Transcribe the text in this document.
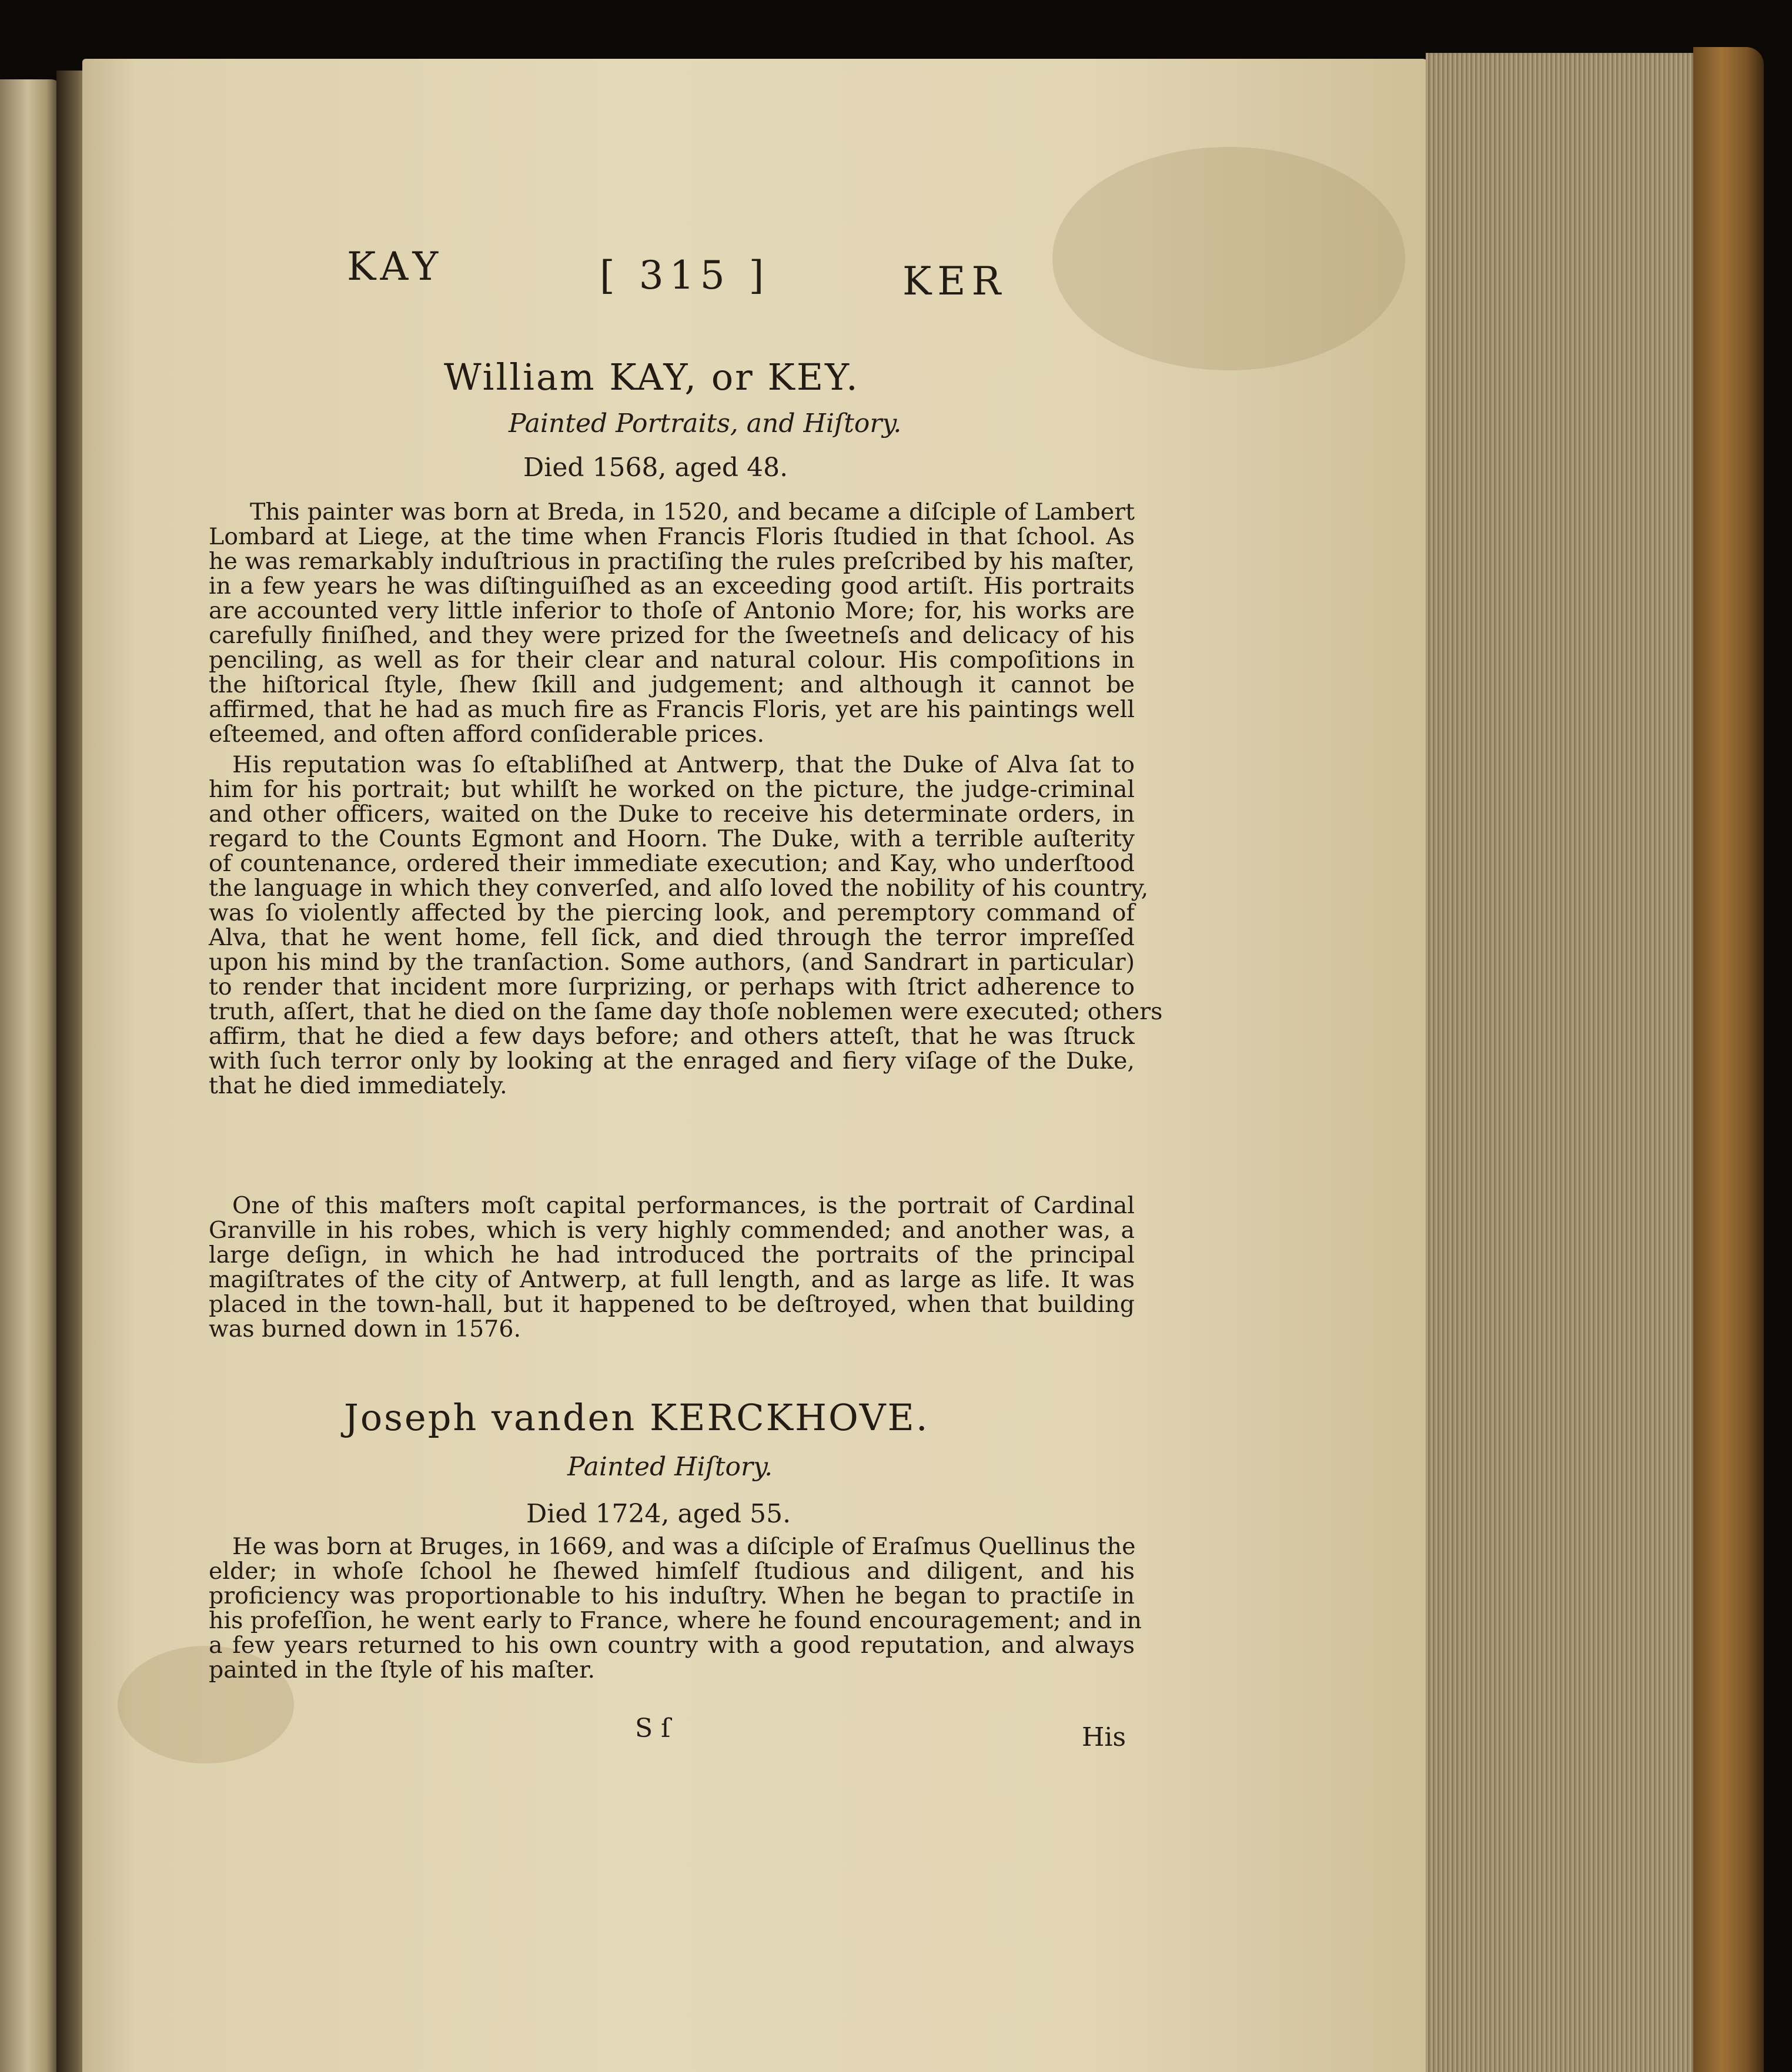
KAY	[ 315 ]	KER
William KAY, or KEY.
Painted Portraits, and Hiſtory.
Died 1568, aged 48.
This painter was born at Breda, in 1520, and became a diſciple of Lambert
Lombard at Liege, at the time when Francis Floris ſtudied in that ſchool. As
he was remarkably induſtrious in practiſing the rules preſcribed by his maſter,
in a few years he was diſtinguiſhed as an exceeding good artiſt. His portraits
are accounted very little inferior to thoſe of Antonio More; for, his works are
carefully finiſhed, and they were prized for the ſweetneſs and delicacy of his
penciling, as well as for their clear and natural colour. His compoſitions in
the hiſtorical ſtyle, ſhew ſkill and judgement; and although it cannot be
affirmed, that he had as much fire as Francis Floris, yet are his paintings well
eſteemed, and often afford conſiderable prices.
His reputation was ſo eſtabliſhed at Antwerp, that the Duke of Alva ſat to
him for his portrait; but whilſt he worked on the picture, the judge-criminal
and other officers, waited on the Duke to receive his determinate orders, in
regard to the Counts Egmont and Hoorn. The Duke, with a terrible auſterity
of countenance, ordered their immediate execution; and Kay, who underſtood
the language in which they converſed, and alſo loved the nobility of his country,
was ſo violently affected by the piercing look, and peremptory command of
Alva, that he went home, fell ſick, and died through the terror impreſſed
upon his mind by the tranſaction. Some authors, (and Sandrart in particular)
to render that incident more ſurprizing, or perhaps with ſtrict adherence to
truth, aſſert, that he died on the ſame day thoſe noblemen were executed; others
affirm, that he died a few days before; and others atteſt, that he was ſtruck
with ſuch terror only by looking at the enraged and fiery viſage of the Duke,
that he died immediately.
One of this maſters moſt capital performances, is the portrait of Cardinal
Granville in his robes, which is very highly commended; and another was, a
large deſign, in which he had introduced the portraits of the principal
magiſtrates of the city of Antwerp, at full length, and as large as life. It was
placed in the town-hall, but it happened to be deſtroyed, when that building
was burned down in 1576.
Joseph vanden KERCKHOVE.
Painted Hiſtory.
Died 1724, aged 55.
He was born at Bruges, in 1669, and was a diſciple of Eraſmus Quellinus the
elder; in whoſe ſchool he ſhewed himſelf ſtudious and diligent, and his
proficiency was proportionable to his induſtry. When he began to practiſe in
his profeſſion, he went early to France, where he found encouragement; and in
a few years returned to his own country with a good reputation, and always
painted in the ſtyle of his maſter.
S ſ	His
